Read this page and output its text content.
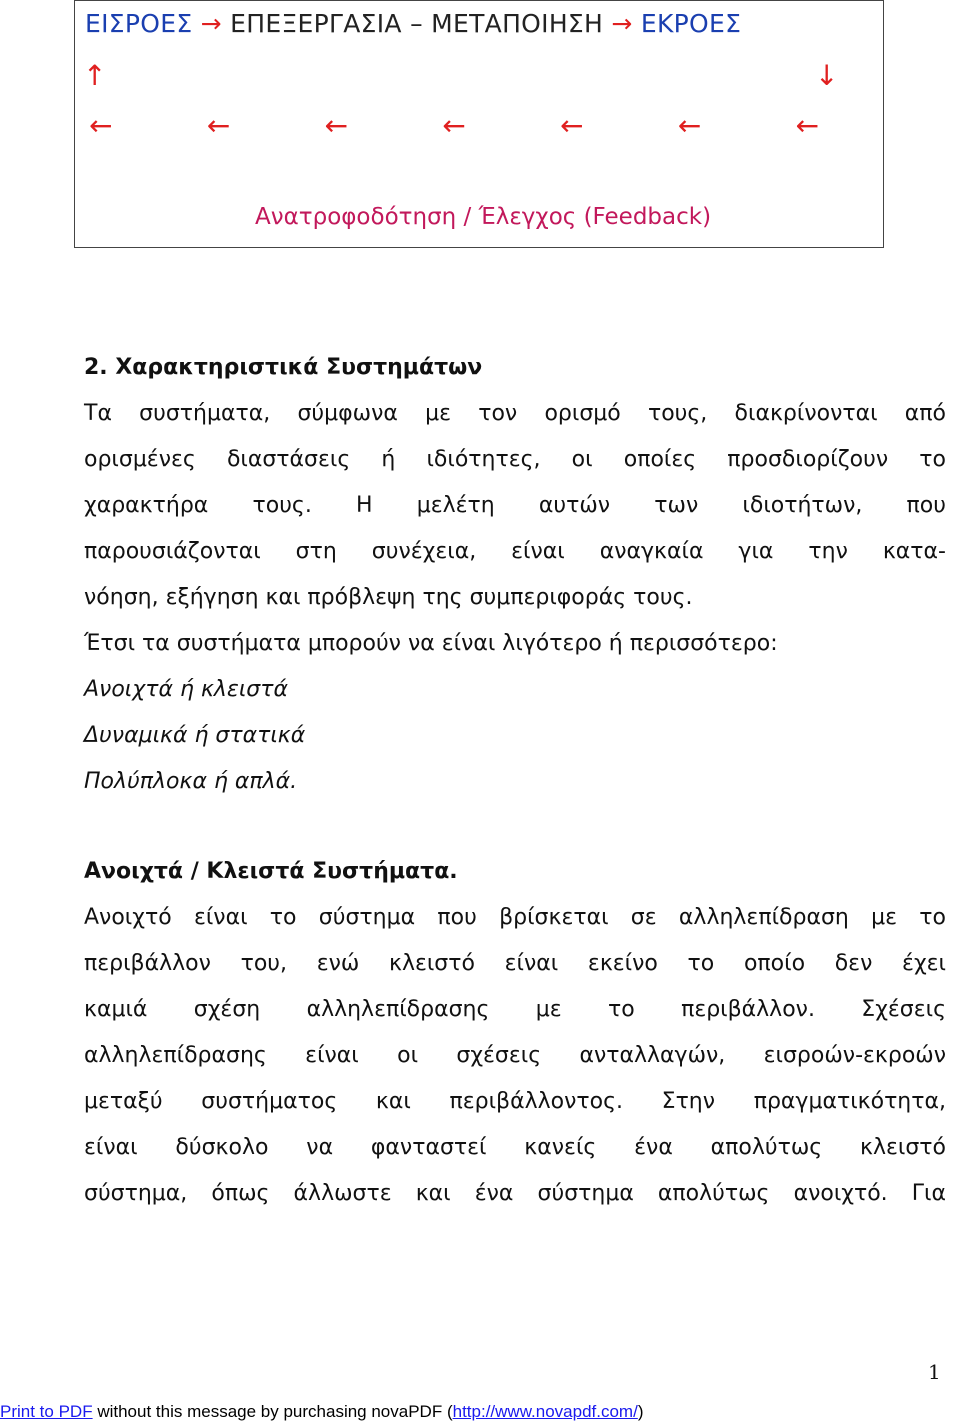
ΕΙΣΡΟΕΣ → ΕΠΕΞΕΡΓΑΣΙΑ – ΜΕΤΑΠΟΙΗΣΗ → ΕΚΡΟΕΣ
↑	↓
←	←	←	←	←	←	←
Ανατροφοδότηση / Έλεγχος (Feedback)
2. Χαρακτηριστικά Συστημάτων
Τα συστήματα, σύμφωνα με τον ορισμό τους, διακρίνονται από
ορισμένες διαστάσεις ή ιδιότητες, οι οποίες προσδιορίζουν το
χαρακτήρα τους. Η μελέτη αυτών των ιδιοτήτων, που
παρουσιάζονται στη συνέχεια, είναι αναγκαία για την κατα-
νόηση, εξήγηση και πρόβλεψη της συμπεριφοράς τους.
Έτσι τα συστήματα μπορούν να είναι λιγότερο ή περισσότερο:
Ανοιχτά ή κλειστά
Δυναμικά ή στατικά
Πολύπλοκα ή απλά.
Ανοιχτά / Κλειστά Συστήματα.
Ανοιχτό είναι το σύστημα που βρίσκεται σε αλληλεπίδραση με το
περιβάλλον του, ενώ κλειστό είναι εκείνο το οποίο δεν έχει
καμιά σχέση αλληλεπίδρασης με το περιβάλλον. Σχέσεις
αλληλεπίδρασης είναι οι σχέσεις ανταλλαγών, εισροών-εκροών
μεταξύ συστήματος και περιβάλλοντος. Στην πραγματικότητα,
είναι δύσκολο να φανταστεί κανείς ένα απολύτως κλειστό
σύστημα, όπως άλλωστε και ένα σύστημα απολύτως ανοιχτό. Για
1
Print to PDF without this message by purchasing novaPDF (http://www.novapdf.com/)
